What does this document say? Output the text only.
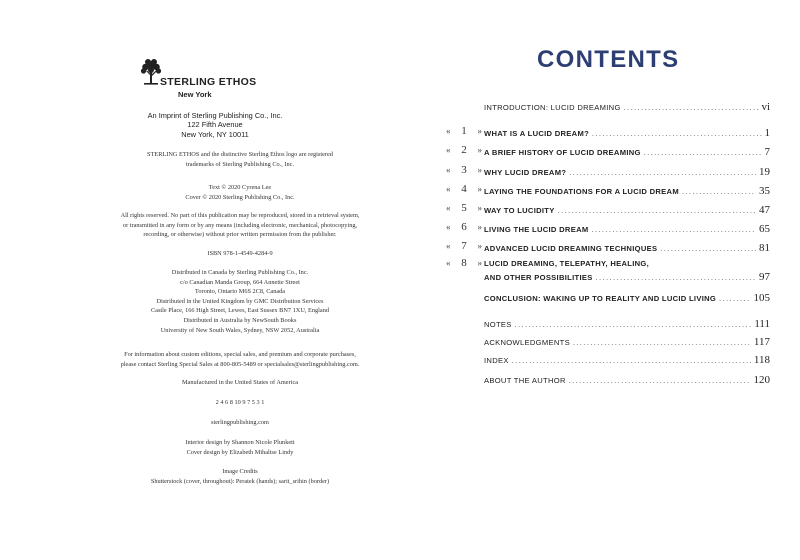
STERLING ETHOS
New York
An Imprint of Sterling Publishing Co., Inc.
122 Fifth Avenue
New York, NY 10011
STERLING ETHOS and the distinctive Sterling Ethos logo are registered
trademarks of Sterling Publishing Co., Inc.
Text © 2020 Cyrena Lee
Cover © 2020 Sterling Publishing Co., Inc.
All rights reserved. No part of this publication may be reproduced, stored in a retrieval system,
or transmitted in any form or by any means (including electronic, mechanical, photocopying,
recording, or otherwise) without prior written permission from the publisher.
ISBN 978-1-4549-4284-9
Distributed in Canada by Sterling Publishing Co., Inc.
c/o Canadian Manda Group, 664 Annette Street
Toronto, Ontario M6S 2C8, Canada
Distributed in the United Kingdom by GMC Distribution Services
Castle Place, 166 High Street, Lewes, East Sussex BN7 1XU, England
Distributed in Australia by NewSouth Books
University of New South Wales, Sydney, NSW 2052, Australia
For information about custom editions, special sales, and premium and corporate purchases,
please contact Sterling Special Sales at 800-805-5489 or specialsales@sterlingpublishing.com.
Manufactured in the United States of America
2 4 6 8 10 9 7 5 3 1
sterlingpublishing.com
Interior design by Shannon Nicole Plunkett
Cover design by Elizabeth Mihaltse Lindy
Image Credits
Shutterstock (cover, throughout): Peratek (hands); sarit_srihin (border)
CONTENTS
INTRODUCTION: LUCID DREAMING .....	vi
« 1 » WHAT IS A LUCID DREAM? .....	1
« 2 » A BRIEF HISTORY OF LUCID DREAMING .....	7
« 3 » WHY LUCID DREAM? .....	19
« 4 » LAYING THE FOUNDATIONS FOR A LUCID DREAM .....	35
« 5 » WAY TO LUCIDITY .....	47
« 6 » LIVING THE LUCID DREAM .....	65
« 7 » ADVANCED LUCID DREAMING TECHNIQUES .....	81
« 8 » LUCID DREAMING, TELEPATHY, HEALING,
AND OTHER POSSIBILITIES .....	97
CONCLUSION: WAKING UP TO REALITY AND LUCID LIVING .....	105
NOTES .....	111
ACKNOWLEDGMENTS .....	117
INDEX .....	118
ABOUT THE AUTHOR .....	120
